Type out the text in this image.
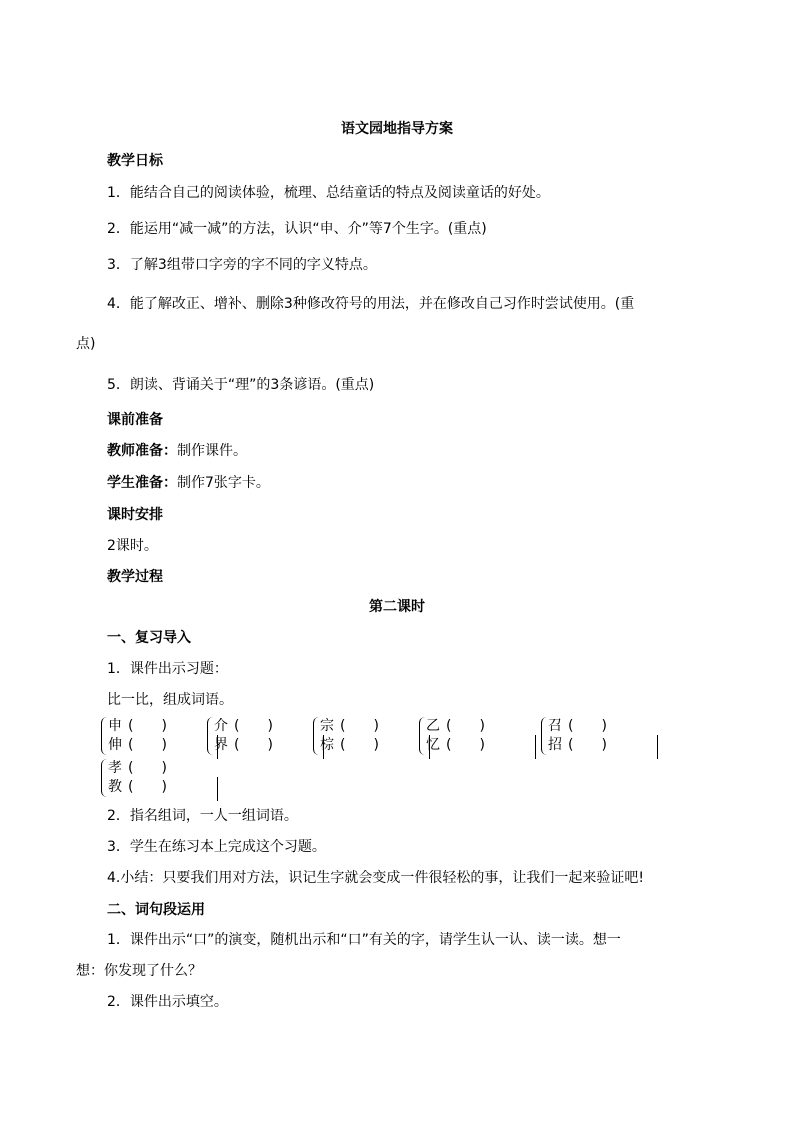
语文园地指导方案
教学日标
1．能结合自己的阅读体验，梳理、总结童话的特点及阅读童话的好处。
2．能运用“减一减”的方法，认识“申、介”等7个生字。(重点)
3．了解3组带口字旁的字不同的字义特点。
4．能了解改正、增补、删除3种修改符号的用法，并在修改自己习作时尝试使用。(重
点)
5．朗读、背诵关于“理”的3条谚语。(重点)
课前准备
教师准备：制作课件。
学生准备：制作7张字卡。
课时安排
2课时。
教学过程
第二课时
一、复习导入
1．课件出示习题：
比一比，组成词语。
申 (　　)
伸 (　　)
介 (　　)
界 (　　)
宗 (　　)
棕 (　　)
乙 (　　)
忆 (　　)
召 (　　)
招 (　　)
孝 (　　)
教 (　　)
2．指名组词，一人一组词语。
3．学生在练习本上完成这个习题。
4.小结：只要我们用对方法，识记生字就会变成一件很轻松的事，让我们一起来验证吧!
二、词句段运用
1．课件出示“口”的演变，随机出示和“口”有关的字，请学生认一认、读一读。想一
想：你发现了什么？
2．课件出示填空。
